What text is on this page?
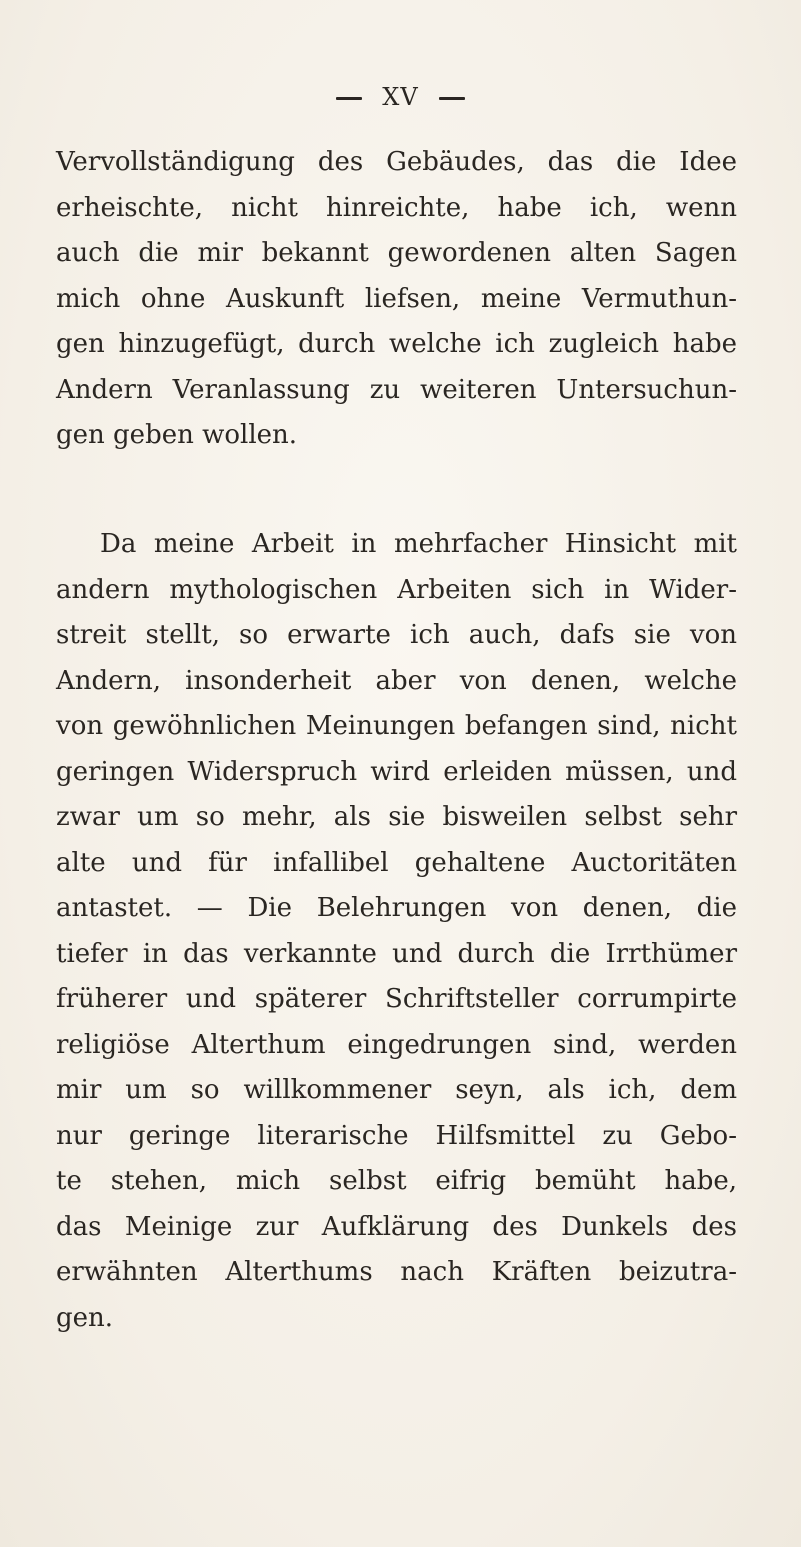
XV
Vervollständigung des Gebäudes, das die Idee
erheischte, nicht hinreichte, habe ich, wenn
auch die mir bekannt gewordenen alten Sagen
mich ohne Auskunft liefsen, meine Vermuthun-
gen hinzugefügt, durch welche ich zugleich habe
Andern Veranlassung zu weiteren Untersuchun-
gen geben wollen.
Da meine Arbeit in mehrfacher Hinsicht mit
andern mythologischen Arbeiten sich in Wider-
streit stellt, so erwarte ich auch, dafs sie von
Andern, insonderheit aber von denen, welche
von gewöhnlichen Meinungen befangen sind, nicht
geringen Widerspruch wird erleiden müssen, und
zwar um so mehr, als sie bisweilen selbst sehr
alte und für infallibel gehaltene Auctoritäten
antastet. — Die Belehrungen von denen, die
tiefer in das verkannte und durch die Irrthümer
früherer und späterer Schriftsteller corrumpirte
religiöse Alterthum eingedrungen sind, werden
mir um so willkommener seyn, als ich, dem
nur geringe literarische Hilfsmittel zu Gebo-
te stehen, mich selbst eifrig bemüht habe,
das Meinige zur Aufklärung des Dunkels des
erwähnten Alterthums nach Kräften beizutra-
gen.
